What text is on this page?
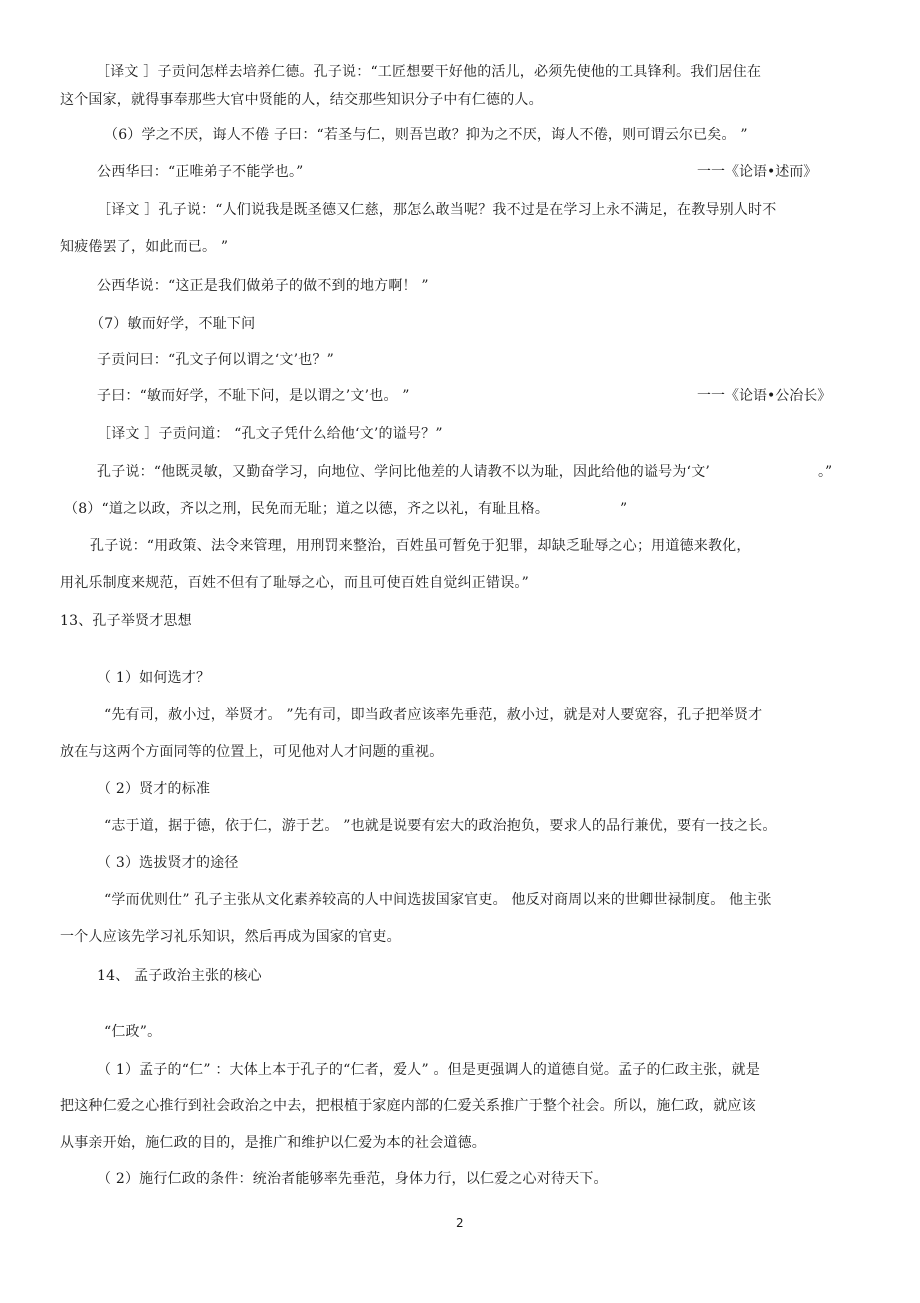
［译文 ］子贡问怎样去培养仁德。孔子说：“工匠想要干好他的活儿，必须先使他的工具锋利。我们居住在
这个国家，就得事奉那些大官中贤能的人，结交那些知识分子中有仁德的人。
（6）学之不厌，诲人不倦 子曰：“若圣与仁，则吾岂敢？抑为之不厌，诲人不倦，则可谓云尔已矣。 ”
公西华曰：“正唯弟子不能学也。”	一一《论语•述而》
［译文 ］孔子说：“人们说我是既圣德又仁慈，那怎么敢当呢？我不过是在学习上永不满足，在教导别人时不
知疲倦罢了，如此而已。 ”
公西华说：“这正是我们做弟子的做不到的地方啊！ ”
（7）敏而好学，不耻下问
子贡问曰：“孔文子何以谓之‘文’也？”
子曰：“敏而好学，不耻下问，是以谓之’文’也。 ”	一一《论语•公冶长》
［译文 ］子贡问道： “孔文子凭什么给他‘文’的谥号？”
孔子说：“他既灵敏，又勤奋学习，向地位、学问比他差的人请教不以为耻，因此给他的谥号为‘文’	。”
（8）“道之以政，齐以之刑，民免而无耻；道之以德，齐之以礼，有耻且格。	”
孔子说：“用政策、法令来管理，用刑罚来整治，百姓虽可暂免于犯罪，却缺乏耻辱之心；用道德来教化，
用礼乐制度来规范，百姓不但有了耻辱之心，而且可使百姓自觉纠正错误。”
13、孔子举贤才思想
（ 1）如何选才？
“先有司，赦小过，举贤才。 ”先有司，即当政者应该率先垂范，赦小过，就是对人要宽容，孔子把举贤才
放在与这两个方面同等的位置上，可见他对人才问题的重视。
（ 2）贤才的标准
“志于道，据于德，依于仁，游于艺。 ”也就是说要有宏大的政治抱负，要求人的品行兼优，要有一技之长。
（ 3）选拔贤才的途径
“学而优则仕” 孔子主张从文化素养较高的人中间选拔国家官吏。 他反对商周以来的世卿世禄制度。 他主张
一个人应该先学习礼乐知识，然后再成为国家的官吏。
14、 孟子政治主张的核心
“仁政”。
（ 1）孟子的“仁” ：大体上本于孔子的“仁者，爱人” 。但是更强调人的道德自觉。孟子的仁政主张，就是
把这种仁爱之心推行到社会政治之中去，把根植于家庭内部的仁爱关系推广于整个社会。所以，施仁政，就应该
从事亲开始，施仁政的目的，是推广和维护以仁爱为本的社会道德。
（ 2）施行仁政的条件：统治者能够率先垂范，身体力行，以仁爱之心对待天下。
2
